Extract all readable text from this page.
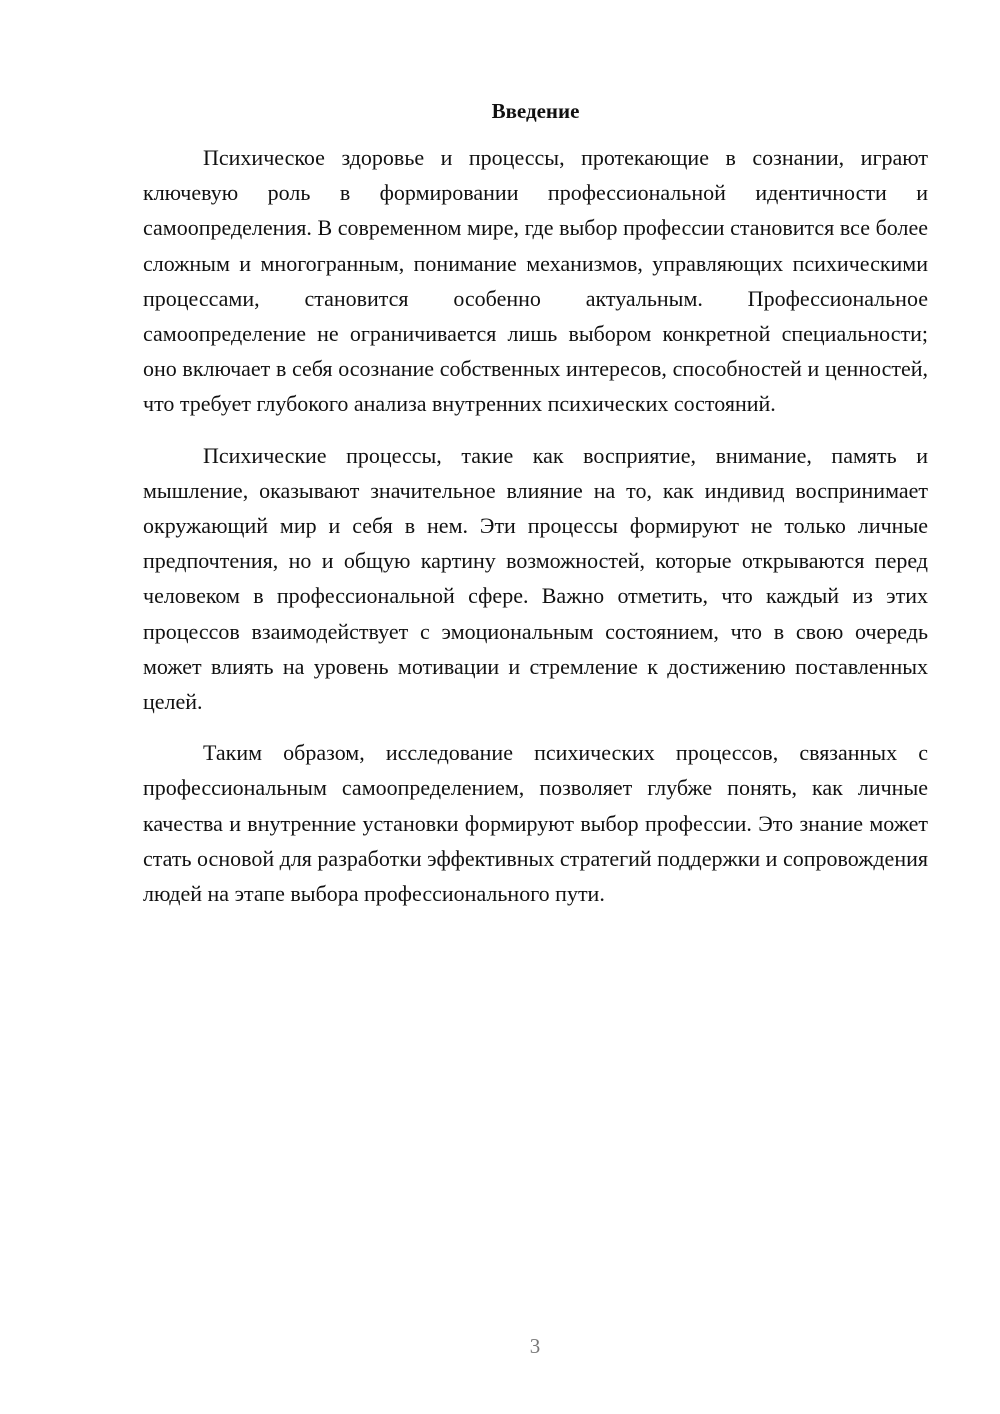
Введение

Психическое здоровье и процессы, протекающие в сознании, играют ключевую роль в формировании профессиональной идентичности и самоопределения. В современном мире, где выбор профессии становится все более сложным и многогранным, понимание механизмов, управляющих психическими процессами, становится особенно актуальным. Профессиональное самоопределение не ограничивается лишь выбором конкретной специальности; оно включает в себя осознание собственных интересов, способностей и ценностей, что требует глубокого анализа внутренних психических состояний.

Психические процессы, такие как восприятие, внимание, память и мышление, оказывают значительное влияние на то, как индивид воспринимает окружающий мир и себя в нем. Эти процессы формируют не только личные предпочтения, но и общую картину возможностей, которые открываются перед человеком в профессиональной сфере. Важно отметить, что каждый из этих процессов взаимодействует с эмоциональным состоянием, что в свою очередь может влиять на уровень мотивации и стремление к достижению поставленных целей.

Таким образом, исследование психических процессов, связанных с профессиональным самоопределением, позволяет глубже понять, как личные качества и внутренние установки формируют выбор профессии. Это знание может стать основой для разработки эффективных стратегий поддержки и сопровождения людей на этапе выбора профессионального пути.

3
